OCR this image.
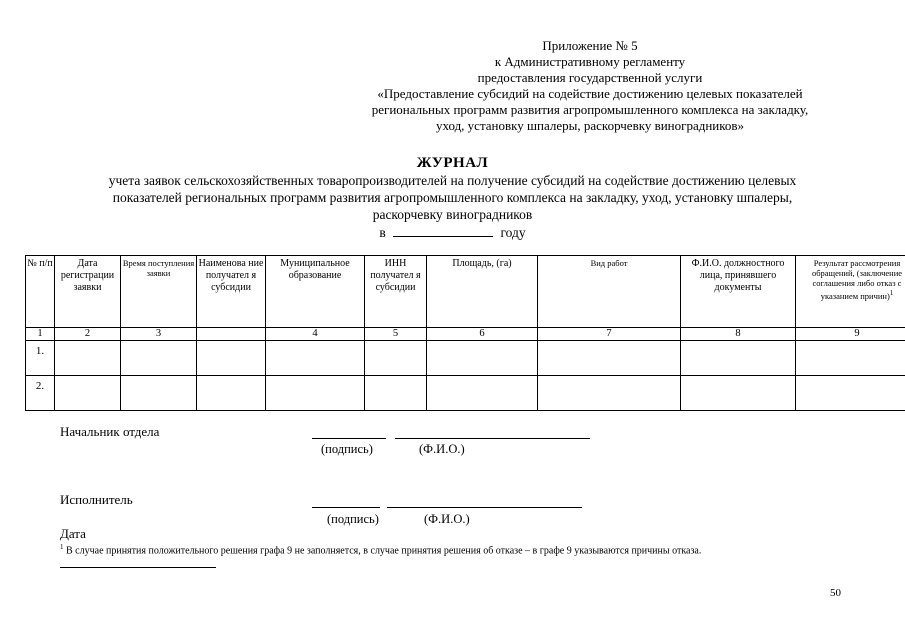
Приложение № 5
к Административному регламенту
предоставления государственной услуги
«Предоставление субсидий на содействие достижению целевых показателей
региональных программ развития агропромышленного комплекса на закладку,
уход, установку шпалеры, раскорчевку виноградников»
ЖУРНАЛ
учета заявок сельскохозяйственных товаропроизводителей на получение субсидий на содействие достижению целевых
показателей региональных программ развития агропромышленного комплекса на закладку, уход, установку шпалеры,
раскорчевку виноградников
в	году
№ п/п	Дата регистрации заявки	Время поступления заявки	Наименова ние получател я субсидии	Муниципальное образование	ИНН получател я субсидии	Площадь, (га)	Вид работ	Ф.И.О. должностного лица, принявшего документы	Результат рассмотрения обращений, (заключение соглашения либо отказ с указанием причин)$^1$
1	2	3		4	5	6	7	8	9
1.									
2.									
Начальник отдела
(подпись)	(Ф.И.О.)
Исполнитель
(подпись)	(Ф.И.О.)
Дата
$^1$ В случае принятия положительного решения графа 9 не заполняется, в случае принятия решения об отказе – в графе 9 указываются причины отказа.
50
